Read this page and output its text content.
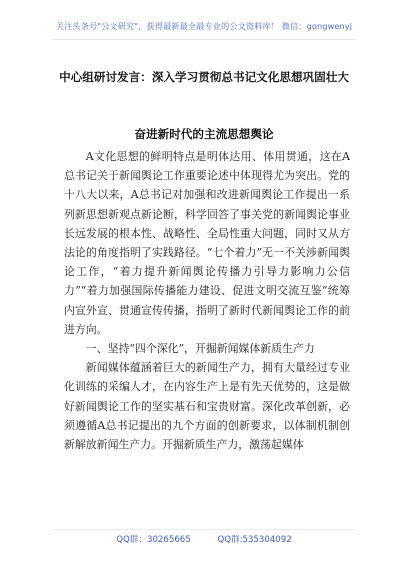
关注头条号"公文研究"，获得最新最全最专业的公文资料库！ 微信：gongwenyj
中心组研讨发言：深入学习贯彻总书记文化思想巩固壮大
奋进新时代的主流思想舆论

A文化思想的鲜明特点是明体达用、体用贯通，这在A总书记关于新闻舆论工作重要论述中体现得尤为突出。党的十八大以来，A总书记对加强和改进新闻舆论工作提出一系列新思想新观点新论断，科学回答了事关党的新闻舆论事业长远发展的根本性、战略性、全局性重大问题，同时又从方法论的角度指明了实践路径。“七个着力”无一不关涉新闻舆论工作，“着力提升新闻舆论传播力引导力影响力公信力”“着力加强国际传播能力建设、促进文明交流互鉴”统筹内宣外宣、贯通宣传传播，指明了新时代新闻舆论工作的前进方向。

一、坚持“四个深化”，开掘新闻媒体新质生产力

新闻媒体蕴涵着巨大的新闻生产力，拥有大量经过专业化训练的采编人才，在内容生产上是有先天优势的，这是做好新闻舆论工作的坚实基石和宝贵财富。深化改革创新，必须遵循A总书记提出的九个方面的创新要求，以体制机制创新解放新闻生产力。开掘新质生产力，激荡起媒体

QQ群：30265665	QQ群:535304092
